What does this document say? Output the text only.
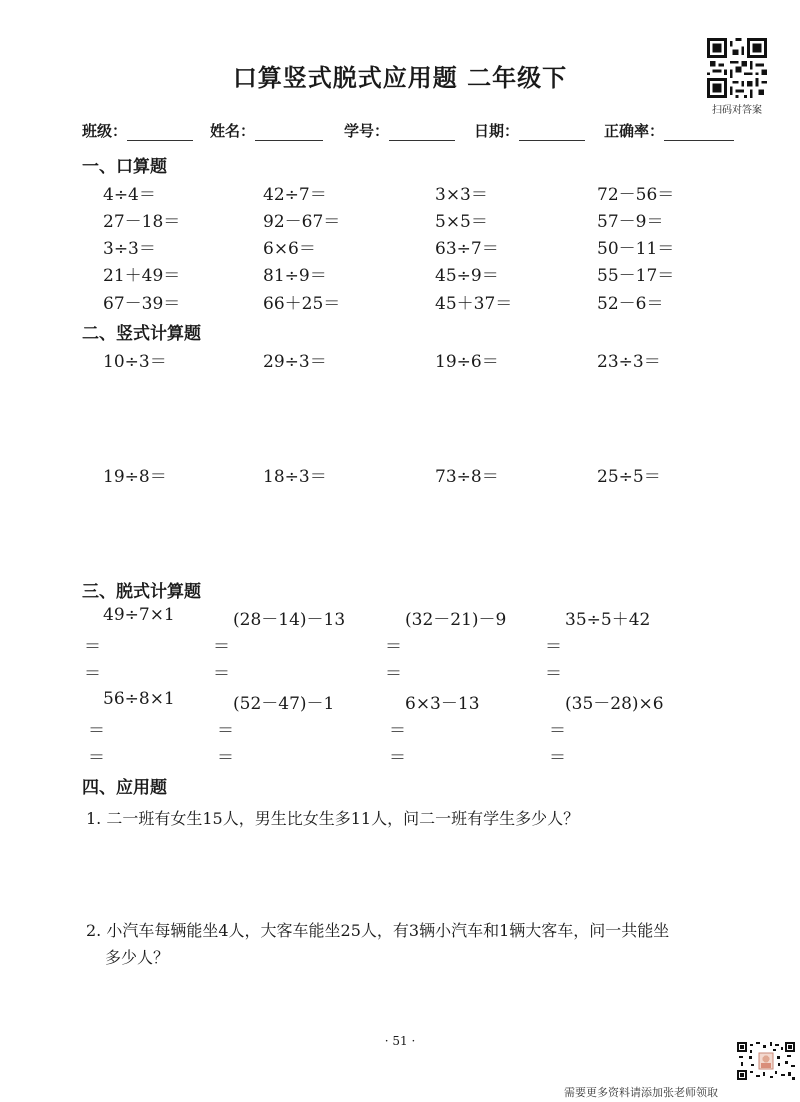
口算竖式脱式应用题 二年级下
扫码对答案
班级：	姓名：	学号：	日期：	正确率：
一、口算题
4÷4＝	42÷7＝	3×3＝	72－56＝
27－18＝	92－67＝	5×5＝	57－9＝
3÷3＝	6×6＝	63÷7＝	50－11＝
21＋49＝	81÷9＝	45÷9＝	55－17＝
67－39＝	66＋25＝	45＋37＝	52－6＝
二、竖式计算题
10÷3＝	29÷3＝	19÷6＝	23÷3＝
19÷8＝	18÷3＝	73÷8＝	25÷5＝
三、脱式计算题
49÷7×1	(28－14)－13	(32－21)－9	35÷5＋42
＝	＝	＝	＝
＝	＝	＝	＝
56÷8×1	(52－47)－1	6×3－13	(35－28)×6
＝	＝	＝	＝
＝	＝	＝	＝
四、应用题
1. 二一班有女生15人，男生比女生多11人，问二一班有学生多少人？
2. 小汽车每辆能坐4人，大客车能坐25人，有3辆小汽车和1辆大客车，问一共能坐
多少人？
· 51 ·
需要更多资料请添加张老师领取
